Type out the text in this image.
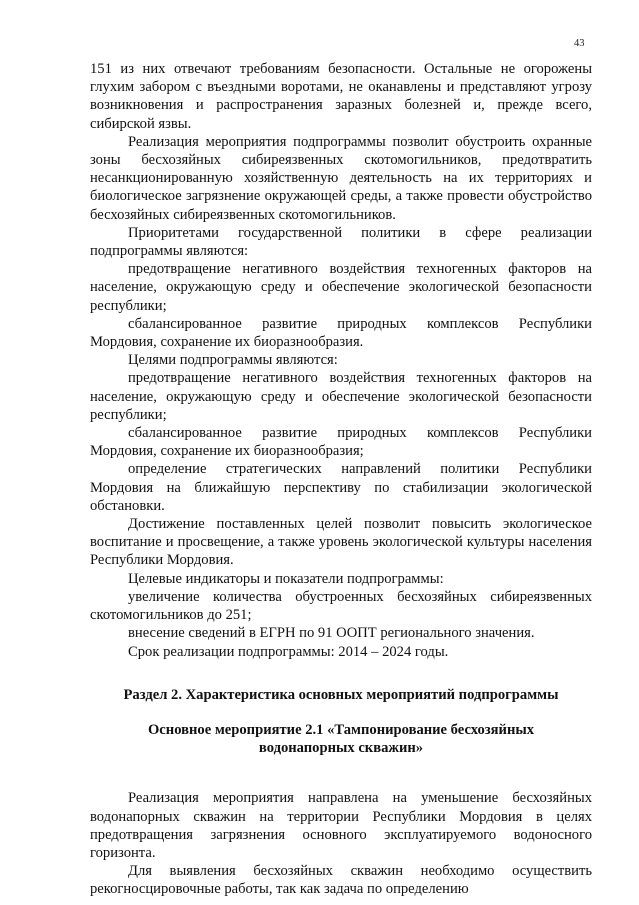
43

151 из них отвечают требованиям безопасности. Остальные не огорожены глухим забором с въездными воротами, не оканавлены и представляют угрозу возникновения и распространения заразных болезней и, прежде всего, сибирской язвы.

Реализация мероприятия подпрограммы позволит обустроить охранные зоны бесхозяйных сибиреязвенных скотомогильников, предотвратить несанкционированную хозяйственную деятельность на их территориях и биологическое загрязнение окружающей среды, а также провести обустройство бесхозяйных сибиреязвенных скотомогильников.

Приоритетами государственной политики в сфере реализации подпрограммы являются:

предотвращение негативного воздействия техногенных факторов на население, окружающую среду и обеспечение экологической безопасности республики;

сбалансированное развитие природных комплексов Республики Мордовия, сохранение их биоразнообразия.

Целями подпрограммы являются:

предотвращение негативного воздействия техногенных факторов на население, окружающую среду и обеспечение экологической безопасности республики;

сбалансированное развитие природных комплексов Республики Мордовия, сохранение их биоразнообразия;

определение стратегических направлений политики Республики Мордовия на ближайшую перспективу по стабилизации экологической обстановки.

Достижение поставленных целей позволит повысить экологическое воспитание и просвещение, а также уровень экологической культуры населения Республики Мордовия.

Целевые индикаторы и показатели подпрограммы:

увеличение количества обустроенных бесхозяйных сибиреязвенных скотомогильников до 251;

внесение сведений в ЕГРН по 91 ООПТ регионального значения.

Срок реализации подпрограммы: 2014 – 2024 годы.

Раздел 2. Характеристика основных мероприятий подпрограммы

Основное мероприятие 2.1 «Тампонирование бесхозяйных

водонапорных скважин»

Реализация мероприятия направлена на уменьшение бесхозяйных водонапорных скважин на территории Республики Мордовия в целях предотвращения загрязнения основного эксплуатируемого водоносного горизонта.

Для выявления бесхозяйных скважин необходимо осуществить рекогносцировочные работы, так как задача по определению
